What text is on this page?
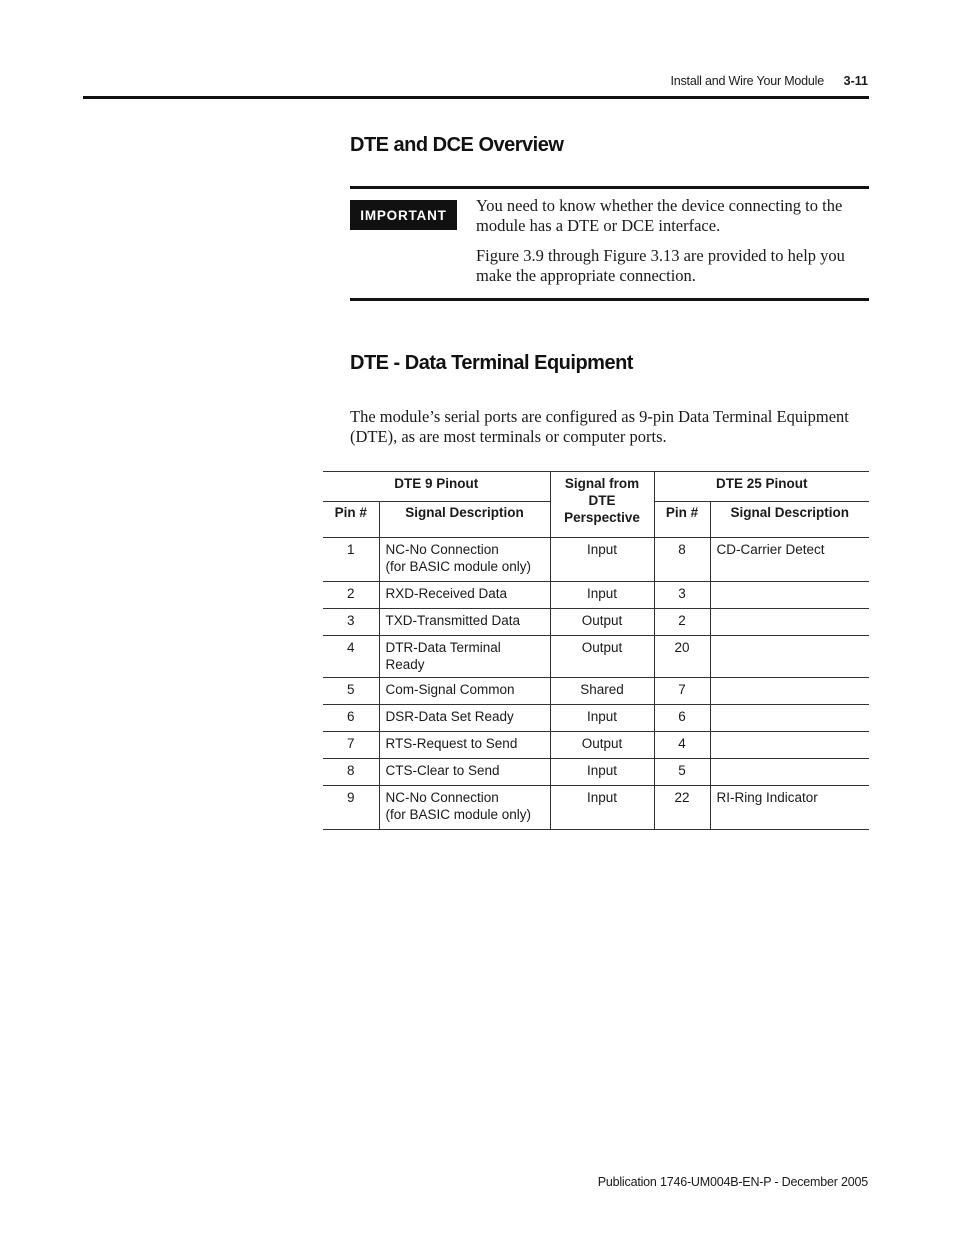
Install and Wire Your Module 3-11
DTE and DCE Overview
IMPORTANT	You need to know whether the device connecting to the module has a DTE or DCE interface.
Figure 3.9 through Figure 3.13 are provided to help you make the appropriate connection.
DTE - Data Terminal Equipment
The module’s serial ports are configured as 9-pin Data Terminal Equipment (DTE), as are most terminals or computer ports.
DTE 9 Pinout		Signal from DTE Perspective	DTE 25 Pinout	
Pin #	Signal Description		Pin #	Signal Description
1	NC-No Connection
(for BASIC module only)	Input	8	CD-Carrier Detect
2	RXD-Received Data	Input	3	
3	TXD-Transmitted Data	Output	2	
4	DTR-Data Terminal Ready	Output	20	
5	Com-Signal Common	Shared	7	
6	DSR-Data Set Ready	Input	6	
7	RTS-Request to Send	Output	4	
8	CTS-Clear to Send	Input	5	
9	NC-No Connection
(for BASIC module only)	Input	22	RI-Ring Indicator
Publication 1746-UM004B-EN-P - December 2005
